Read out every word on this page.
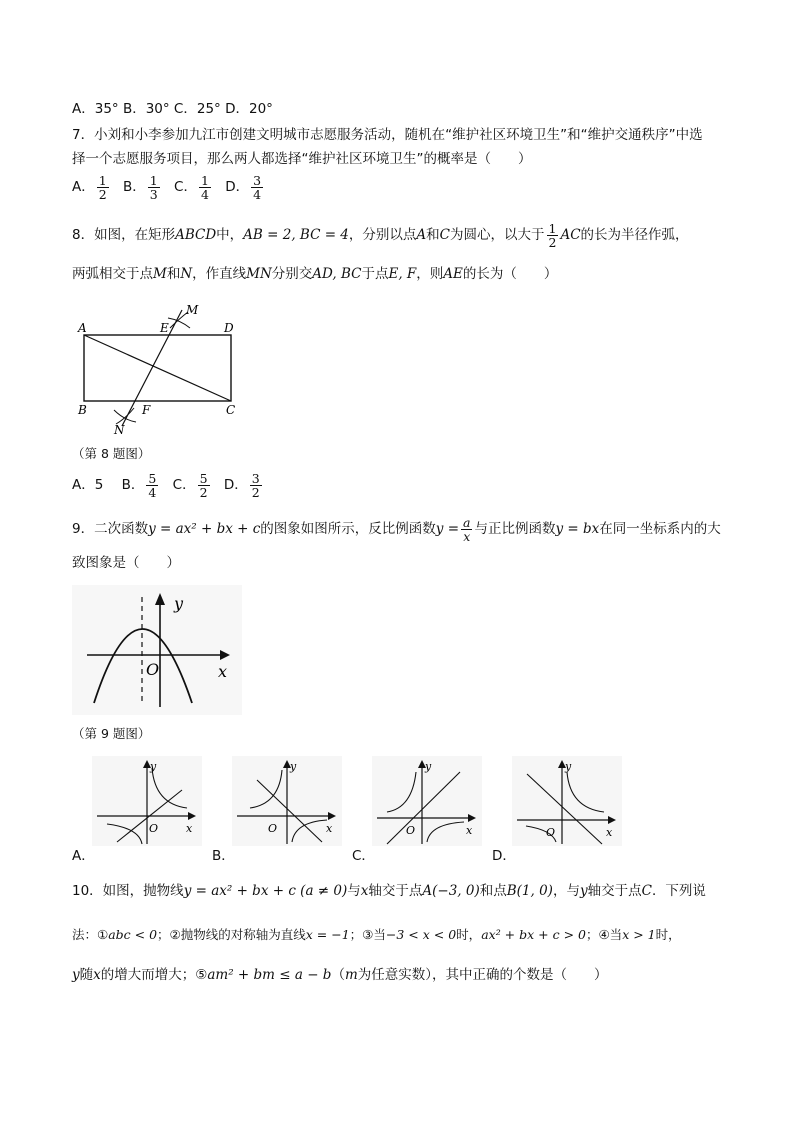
A．35° B．30° C．25° D．20°
7．小刘和小李参加九江市创建文明城市志愿服务活动，随机在“维护社区环境卫生”和“维护交通秩序”中选
择一个志愿服务项目，那么两人都选择“维护社区环境卫生”的概率是（　　）
A． $\frac{1}{2}$ B． $\frac{1}{3}$ C． $\frac{1}{4}$ D． $\frac{3}{4}$
8．如图，在矩形ABCD中，AB = 2, BC = 4，分别以点A和C为圆心，以大于 $\frac{1}{2}$ AC的长为半径作弧，
两弧相交于点M和N，作直线MN分别交AD, BC于点E, F，则AE的长为（　　）
A	D
B	C
E
F
M
N
（第 8 题图）
A．5 B． $\frac{5}{4}$ C． $\frac{5}{2}$ D． $\frac{3}{2}$
9．二次函数y = ax² + bx + c的图象如图所示，反比例函数$y = \frac{a}{x}$ 与正比例函数y = bx在同一坐标系内的大
致图象是（　　）
y
x
O
（第 9 题图）
y
x
O
A．
y
x
O
B．
y
x
O
C．
y
x
O
D．
10．如图，抛物线y = ax² + bx + c (a ≠ 0)与x轴交于点A(−3, 0)和点B(1, 0)，与y轴交于点C．下列说
法：①abc < 0；②抛物线的对称轴为直线x = −1；③当−3 < x < 0时，ax² + bx + c > 0；④当x > 1时，
y随x的增大而增大；⑤am² + bm ≤ a − b（m为任意实数），其中正确的个数是（　　）
